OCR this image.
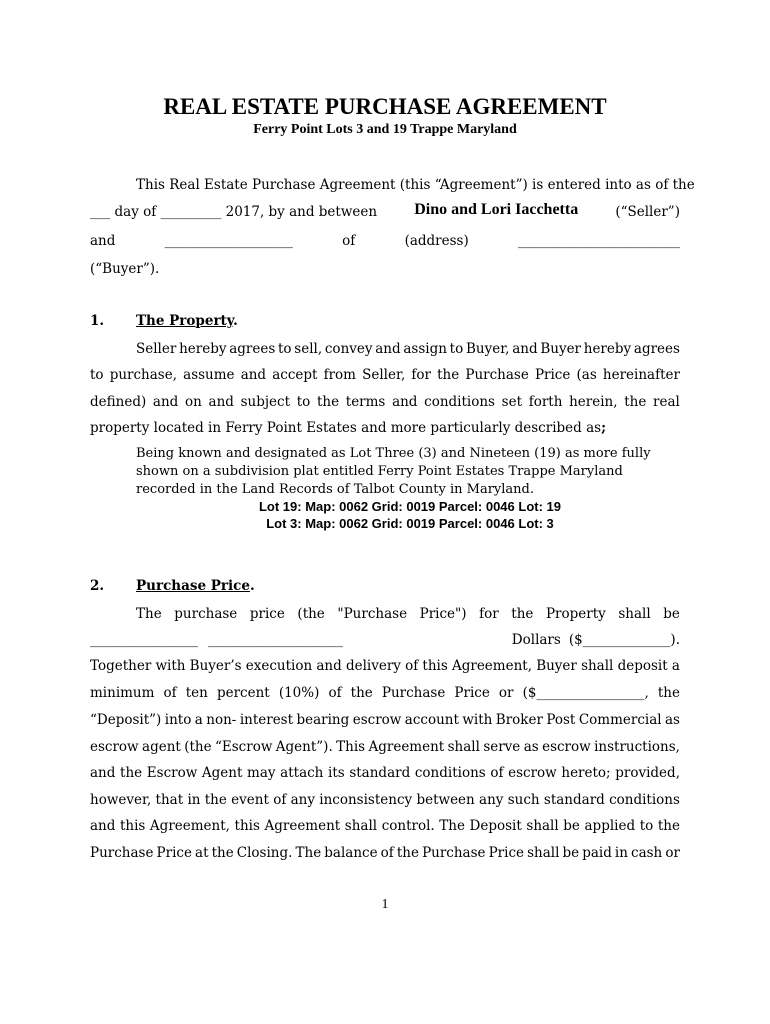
REAL ESTATE PURCHASE AGREEMENT
Ferry Point Lots 3 and 19 Trappe Maryland
This Real Estate Purchase Agreement (this “Agreement”) is entered into as of the
___ day of _________ 2017, by and between Dino and Lori Iacchetta	(“Seller”)
and	___________________	of	(address)	________________________
(“Buyer”).
1. The Property.
Seller hereby agrees to sell, convey and assign to Buyer, and Buyer hereby agrees
to purchase, assume and accept from Seller, for the Purchase Price (as hereinafter
defined) and on and subject to the terms and conditions set forth herein, the real
property located in Ferry Point Estates and more particularly described as;
Being known and designated as Lot Three (3) and Nineteen (19) as more fully
shown on a subdivision plat entitled Ferry Point Estates Trappe Maryland
recorded in the Land Records of Talbot County in Maryland.
Lot 19: Map: 0062 Grid: 0019 Parcel: 0046 Lot: 19
Lot 3: Map: 0062 Grid: 0019 Parcel: 0046 Lot: 3
2. Purchase Price.
The purchase price (the "Purchase Price") for the Property shall be
________________ ____________________	Dollars ($_____________).
Together with Buyer’s execution and delivery of this Agreement, Buyer shall deposit a
minimum of ten percent (10%) of the Purchase Price or ($________________, the
“Deposit”) into a non- interest bearing escrow account with Broker Post Commercial as
escrow agent (the “Escrow Agent”). This Agreement shall serve as escrow instructions,
and the Escrow Agent may attach its standard conditions of escrow hereto; provided,
however, that in the event of any inconsistency between any such standard conditions
and this Agreement, this Agreement shall control. The Deposit shall be applied to the
Purchase Price at the Closing. The balance of the Purchase Price shall be paid in cash or
1
